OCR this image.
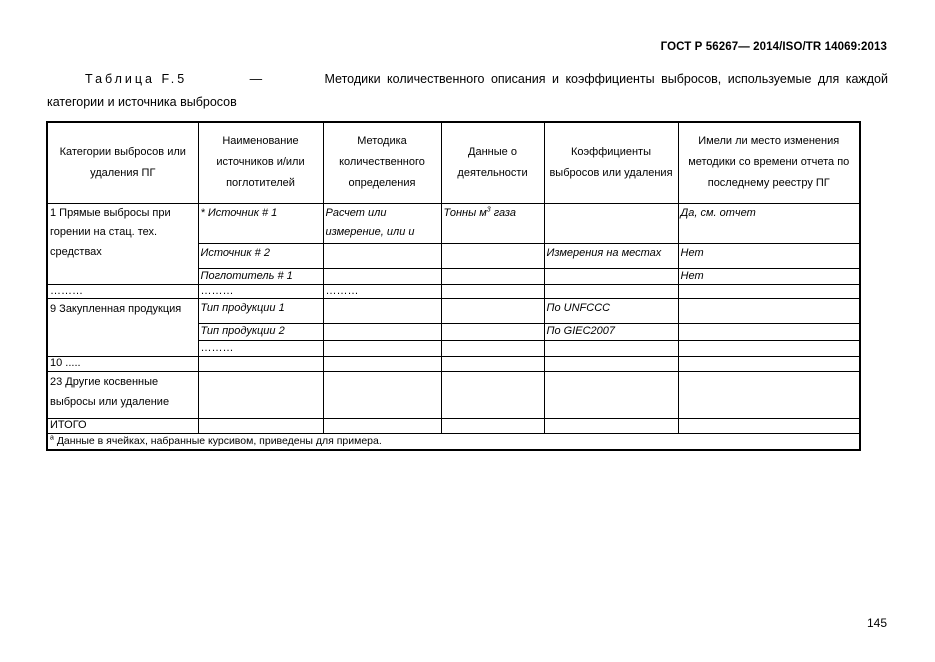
ГОСТ Р 56267— 2014/ISO/TR 14069:2013
Таблица F.5	—	Методики количественного описания и коэффициенты выбросов, используемые для каждой
категории и источника выбросов
Категории выбросов или удаления ПГ	Наименование источников и/или поглотителей	Методика количественного определения	Данные о деятельности	Коэффициенты выбросов или удаления	Имели ли место изменения методики со времени отчета по последнему реестру ПГ
1 Прямые выбросы при горении на стац. тех. средствах	* Источник # 1	Расчет или измерение, или и	Тонны $м^3$ газа		Да, см. отчет
	Источник # 2			Измерения на местах	Нет
	Поглотитель # 1				Нет
………	………	………			
9 Закупленная продукция	Тип продукции 1			По UNFCCC	
	Тип продукции 2			По GIEC2007	
	………				
10 .....					
23 Другие косвенные выбросы или удаление					
ИТОГО					
$^а$ Данные в ячейках, набранные курсивом, приведены для примера.					
145
